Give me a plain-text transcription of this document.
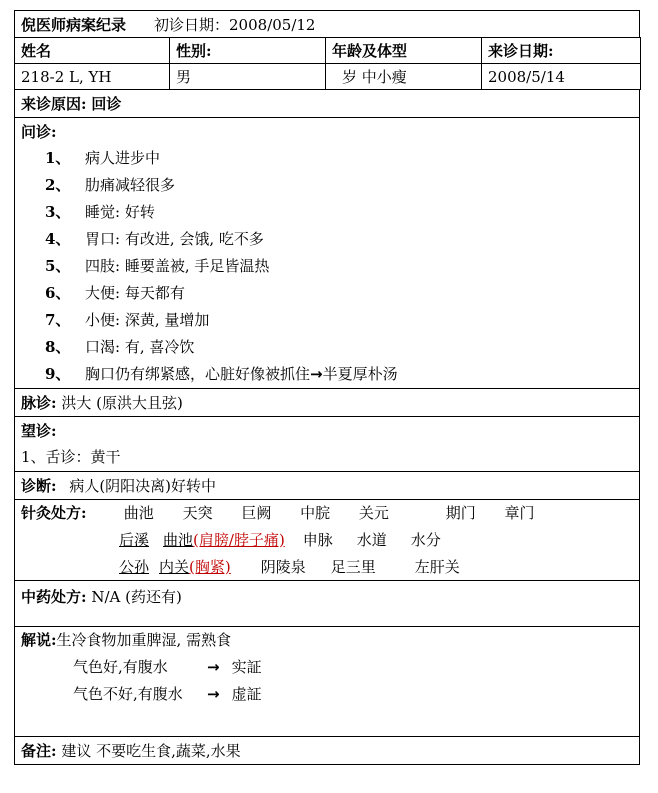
倪医师病案纪录 初诊日期：2008/05/12
姓名	性别:	年龄及体型	来诊日期:
218-2 L, YH	男	岁 中小瘦	2008/5/14
来诊原因: 回诊
问诊:
1、 病人进步中
2、 肋痛减轻很多
3、 睡觉: 好转
4、 胃口: 有改进, 会饿, 吃不多
5、 四肢: 睡要盖被, 手足皆温热
6、 大便: 每天都有
7、 小便: 深黄, 量增加
8、 口渴: 有, 喜冷饮
9、 胸口仍有绑紧感，心脏好像被抓住→半夏厚朴汤
脉诊: 洪大 (原洪大且弦)
望诊:
1、舌诊：黄干
诊断: 病人(阴阳决离)好转中
针灸处方: 曲池 天突 巨阙 中脘 关元	期门 章门
后溪 曲池(肩膀/脖子痛) 申脉 水道 水分
公孙 内关(胸紧) 阴陵泉 足三里	左肝关
中药处方: N/A (药还有)
解说:生冷食物加重脾湿, 需熟食
气色好,有腹水	→ 实証
气色不好,有腹水 → 虚証
备注: 建议 不要吃生食,蔬菜,水果
